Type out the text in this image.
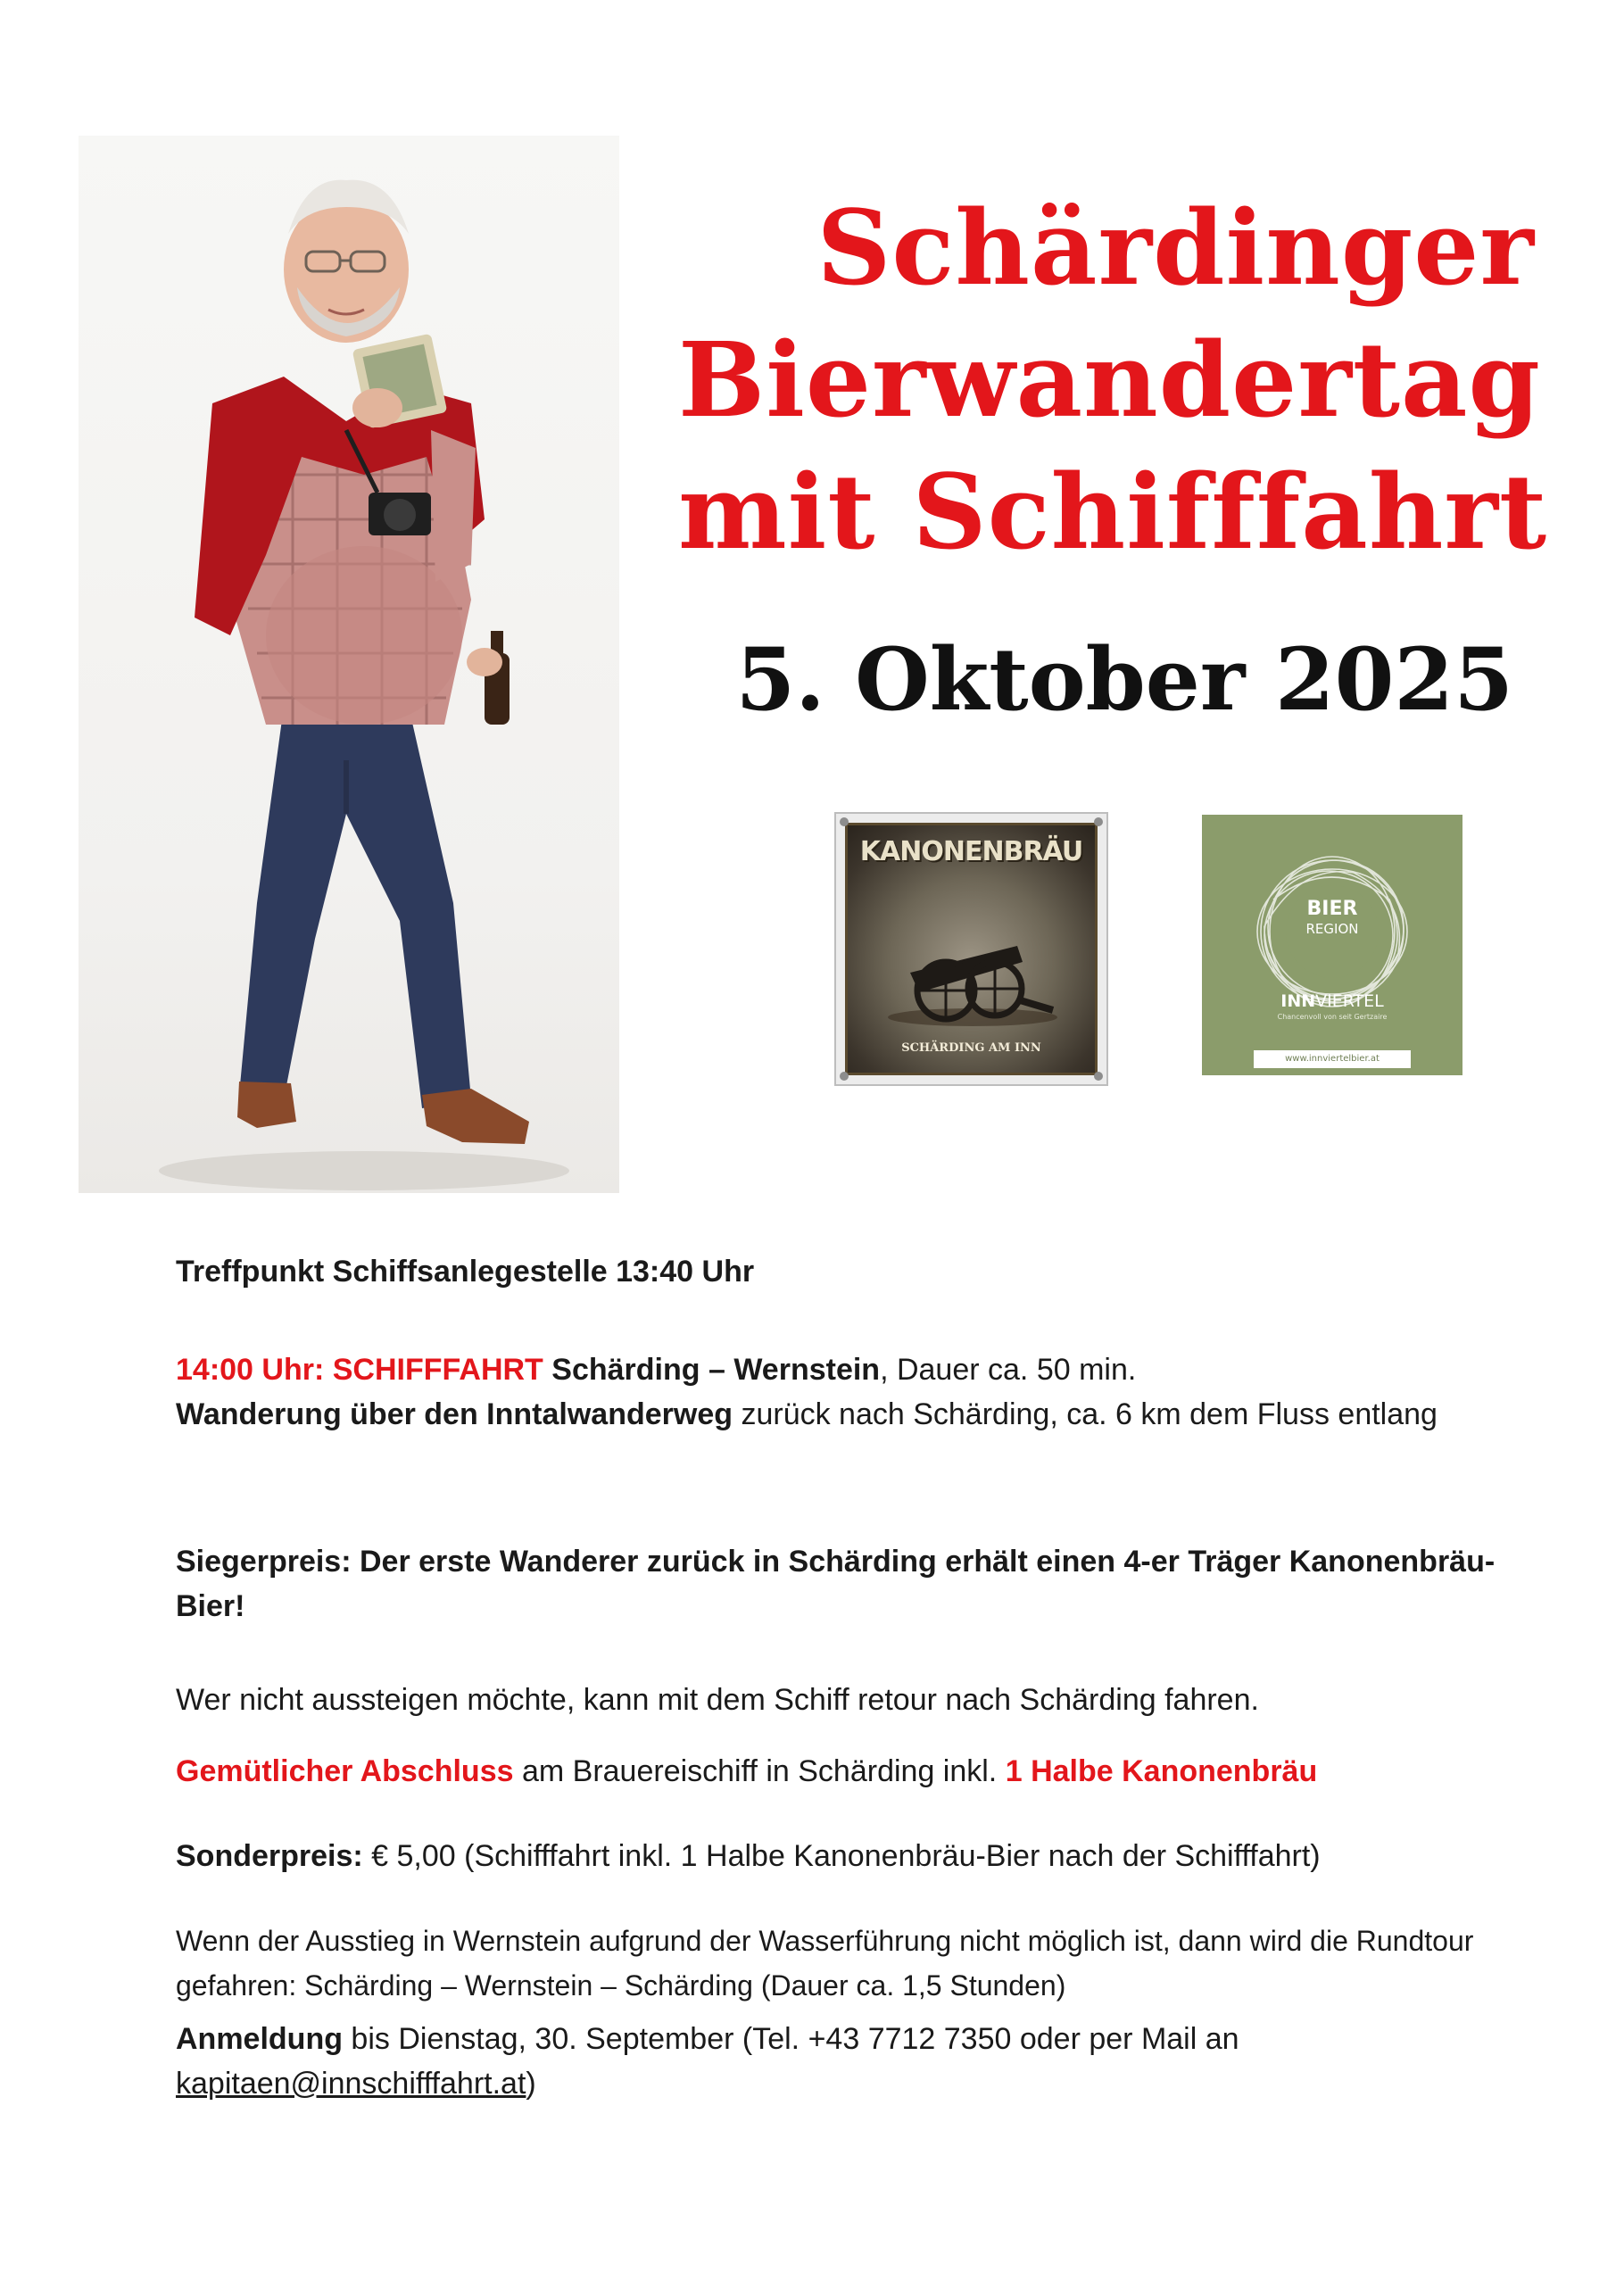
Schärdinger
Bierwandertag
mit Schifffahrt
5. Oktober 2025
KANONENBRÄU
SCHÄRDING AM INN
BIER
REGION
INNVIERTEL
Chancenvoll von seit Gertzaire
www.innviertelbier.at

Treffpunkt Schiffsanlegestelle 13:40 Uhr

14:00 Uhr: SCHIFFFAHRT Schärding – Wernstein, Dauer ca. 50 min.

Wanderung über den Inntalwanderweg zurück nach Schärding, ca. 6 km dem Fluss entlang

Siegerpreis: Der erste Wanderer zurück in Schärding erhält einen 4-er Träger Kanonenbräu-Bier!

Wer nicht aussteigen möchte, kann mit dem Schiff retour nach Schärding fahren.

Gemütlicher Abschluss am Brauereischiff in Schärding inkl. 1 Halbe Kanonenbräu

Sonderpreis: € 5,00 (Schifffahrt inkl. 1 Halbe Kanonenbräu-Bier nach der Schifffahrt)

Wenn der Ausstieg in Wernstein aufgrund der Wasserführung nicht möglich ist, dann wird die Rundtour gefahren: Schärding – Wernstein – Schärding (Dauer ca. 1,5 Stunden)

Anmeldung bis Dienstag, 30. September (Tel. +43 7712 7350 oder per Mail an kapitaen@innschifffahrt.at)
